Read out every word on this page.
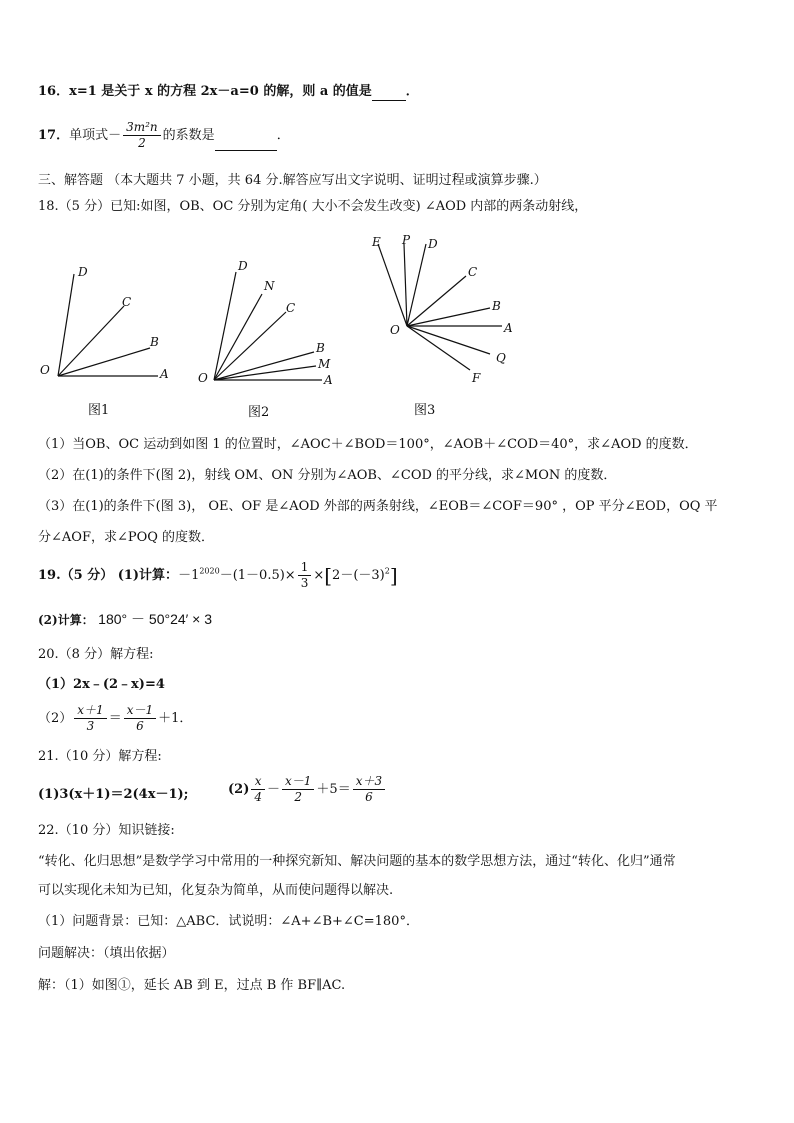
16．x=1 是关于 x 的方程 2x－a=0 的解，则 a 的值是	．
17．单项式－ $\frac{\text{3m²n}}{2}$ 的系数是	．
三、解答题 （本大题共 7 小题，共 64 分.解答应写出文字说明、证明过程或演算步骤.）
18.（5 分）已知:如图，OB、OC 分别为定角( 大小不会发生改变) ∠AOD 内部的两条动射线，
D
C
B
A
O
图1
D
N
C
B
M
A
O
图2
E P D
C
B
A
Q
F
O
图3
（1）当OB、OC 运动到如图 1 的位置时，∠AOC＋∠BOD＝100°，∠AOB＋∠COD＝40°，求∠AOD 的度数．
（2）在(1)的条件下(图 2)，射线 OM、ON 分别为∠AOB、∠COD 的平分线，求∠MON 的度数．
（3）在(1)的条件下(图 3)， OE、OF 是∠AOD 外部的两条射线，∠EOB＝∠COF＝90° ，OP 平分∠EOD，OQ 平
分∠AOF，求∠POQ 的度数．
19.（5 分） (1)计算：$-1^{2020}-(1-0.5)\times \frac{1}{3} \times[2-(-3)^2]$
(2)计算： 180° － 50°24′ × 3
20.（8 分）解方程:
（1）2x﹣(2﹣x)=4
$(2) \frac{x+1}{3} = \frac{x-1}{6} +1$．
21.（10 分）解方程:
(1)3(x＋1)＝2(4x－1);	$(2) \frac{x}{4} - \frac{x-1}{2} +5= \frac{x+3}{6}$
22.（10 分）知识链接:
“转化、化归思想”是数学学习中常用的一种探究新知、解决问题的基本的数学思想方法，通过“转化、化归”通常
可以实现化未知为已知，化复杂为简单，从而使问题得以解决.
（1）问题背景：已知：△ABC．试说明：∠A+∠B+∠C=180°．
问题解决：（填出依据）
解：（1）如图①，延长 AB 到 E，过点 B 作 BF∥AC.
